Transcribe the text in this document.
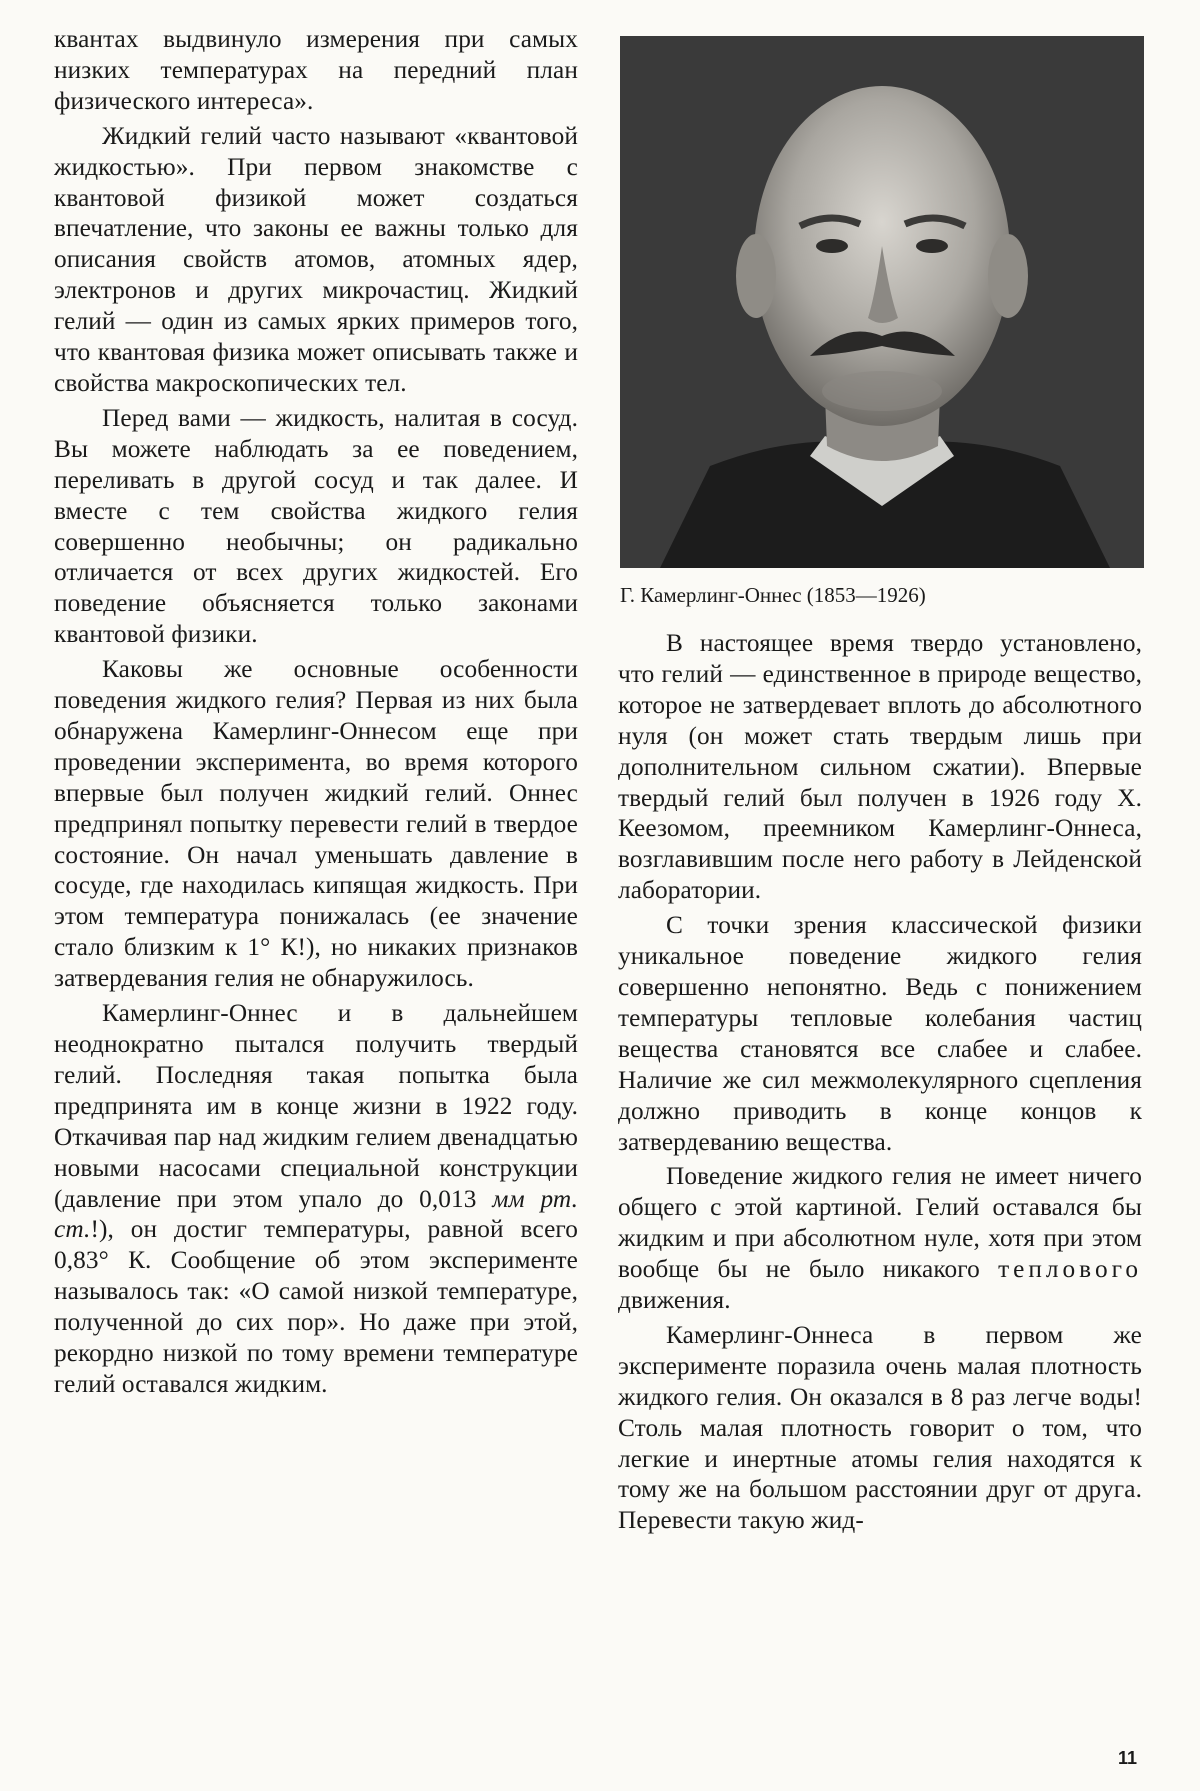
квантах выдвинуло измерения при самых низких температурах на передний план физического интереса».

Жидкий гелий часто называют «квантовой жидкостью». При первом знакомстве с квантовой физикой может создаться впечатление, что законы ее важны только для описания свойств атомов, атомных ядер, электронов и других микрочастиц. Жидкий гелий — один из самых ярких примеров того, что квантовая физика может описывать также и свойства макроскопических тел.

Перед вами — жидкость, налитая в сосуд. Вы можете наблюдать за ее поведением, переливать в другой сосуд и так далее. И вместе с тем свойства жидкого гелия совершенно необычны; он радикально отличается от всех других жидкостей. Его поведение объясняется только законами квантовой физики.

Каковы же основные особенности поведения жидкого гелия? Первая из них была обнаружена Камерлинг-Оннесом еще при проведении эксперимента, во время которого впервые был получен жидкий гелий. Оннес предпринял попытку перевести гелий в твердое состояние. Он начал уменьшать давление в сосуде, где находилась кипящая жидкость. При этом температура понижалась (ее значение стало близким к 1° К!), но никаких признаков затвердевания гелия не обнаружилось.

Камерлинг-Оннес и в дальнейшем неоднократно пытался получить твердый гелий. Последняя такая попытка была предпринята им в конце жизни в 1922 году. Откачивая пар над жидким гелием двенадцатью новыми насосами специальной конструкции (давление при этом упало до 0,013 мм рт. ст.!), он достиг температуры, равной всего 0,83° К. Сообщение об этом эксперименте называлось так: «О самой низкой температуре, полученной до сих пор». Но даже при этой, рекордно низкой по тому времени температуре гелий оставался жидким.

Г. Камерлинг-Оннес (1853—1926)

В настоящее время твердо установлено, что гелий — единственное в природе вещество, которое не затвердевает вплоть до абсолютного нуля (он может стать твердым лишь при дополнительном сильном сжатии). Впервые твердый гелий был получен в 1926 году Х. Кеезомом, преемником Камерлинг-Оннеса, возглавившим после него работу в Лейденской лаборатории.

С точки зрения классической физики уникальное поведение жидкого гелия совершенно непонятно. Ведь с понижением температуры тепловые колебания частиц вещества становятся все слабее и слабее. Наличие же сил межмолекулярного сцепления должно приводить в конце концов к затвердеванию вещества.

Поведение жидкого гелия не имеет ничего общего с этой картиной. Гелий оставался бы жидким и при абсолютном нуле, хотя при этом вообще бы не было никакого теплового движения.

Камерлинг-Оннеса в первом же эксперименте поразила очень малая плотность жидкого гелия. Он оказался в 8 раз легче воды! Столь малая плотность говорит о том, что легкие и инертные атомы гелия находятся к тому же на большом расстоянии друг от друга. Перевести такую жид-

11
